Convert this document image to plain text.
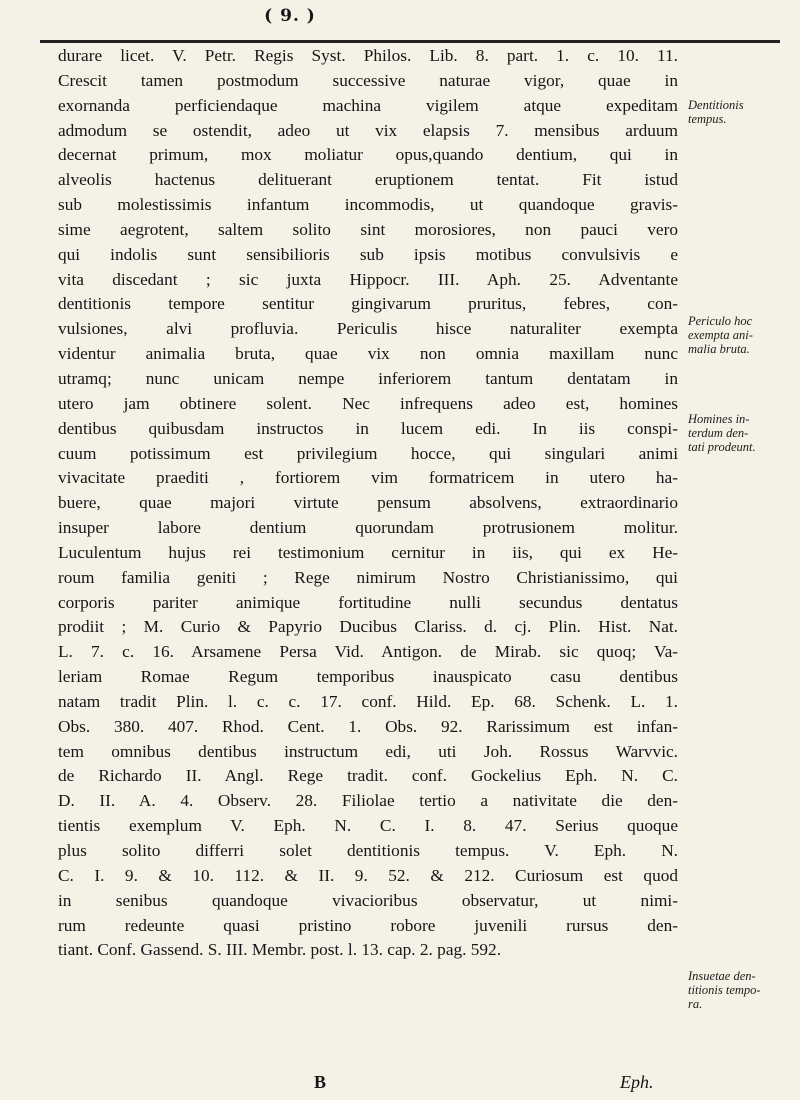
( 9. )
durare licet. V. Petr. Regis Syst. Philos. Lib. 8. part. 1. c. 10. 11.
Crescit tamen postmodum successive naturae vigor, quae in
exornanda perficiendaque machina vigilem atque expeditam
admodum se ostendit, adeo ut vix elapsis 7. mensibus arduum
decernat primum, mox moliatur opus,quando dentium, qui in
alveolis hactenus delituerant eruptionem tentat. Fit istud
sub molestissimis infantum incommodis, ut quandoque gravis-
sime aegrotent, saltem solito sint morosiores, non pauci vero
qui indolis sunt sensibilioris sub ipsis motibus convulsivis e
vita discedant ; sic juxta Hippocr. III. Aph. 25. Adventante
dentitionis tempore sentitur gingivarum pruritus, febres, con-
vulsiones, alvi profluvia. Periculis hisce naturaliter exempta
videntur animalia bruta, quae vix non omnia maxillam nunc
utramq; nunc unicam nempe inferiorem tantum dentatam in
utero jam obtinere solent. Nec infrequens adeo est, homines
dentibus quibusdam instructos in lucem edi. In iis conspi-
cuum potissimum est privilegium hocce, qui singulari animi
vivacitate praediti , fortiorem vim formatricem in utero ha-
buere, quae majori virtute pensum absolvens, extraordinario
insuper labore dentium quorundam protrusionem molitur.
Luculentum hujus rei testimonium cernitur in iis, qui ex He-
roum familia geniti ; Rege nimirum Nostro Christianissimo, qui
corporis pariter animique fortitudine nulli secundus dentatus
prodiit ; M. Curio & Papyrio Ducibus Clariss. d. cj. Plin. Hist. Nat.
L. 7. c. 16. Arsamene Persa Vid. Antigon. de Mirab. sic quoq; Va-
leriam Romae Regum temporibus inauspicato casu dentibus
natam tradit Plin. l. c. c. 17. conf. Hild. Ep. 68. Schenk. L. 1.
Obs. 380. 407. Rhod. Cent. 1. Obs. 92. Rarissimum est infan-
tem omnibus dentibus instructum edi, uti Joh. Rossus Warvvic.
de Richardo II. Angl. Rege tradit. conf. Gockelius Eph. N. C.
D. II. A. 4. Observ. 28. Filiolae tertio a nativitate die den-
tientis exemplum V. Eph. N. C. I. 8. 47. Serius quoque
plus solito differri solet dentitionis tempus. V. Eph. N.
C. I. 9. & 10. 112. & II. 9. 52. & 212. Curiosum est quod
in senibus quandoque vivacioribus observatur, ut nimi-
rum redeunte quasi pristino robore juvenili rursus den-
tiant. Conf. Gassend. S. III. Membr. post. l. 13. cap. 2. pag. 592.
Dentitionis
tempus.
Periculo hoc
exempta ani-
malia bruta.
Homines in-
terdum den-
tati prodeunt.
Insuetae den-
titionis tempo-
ra.
B	Eph.
